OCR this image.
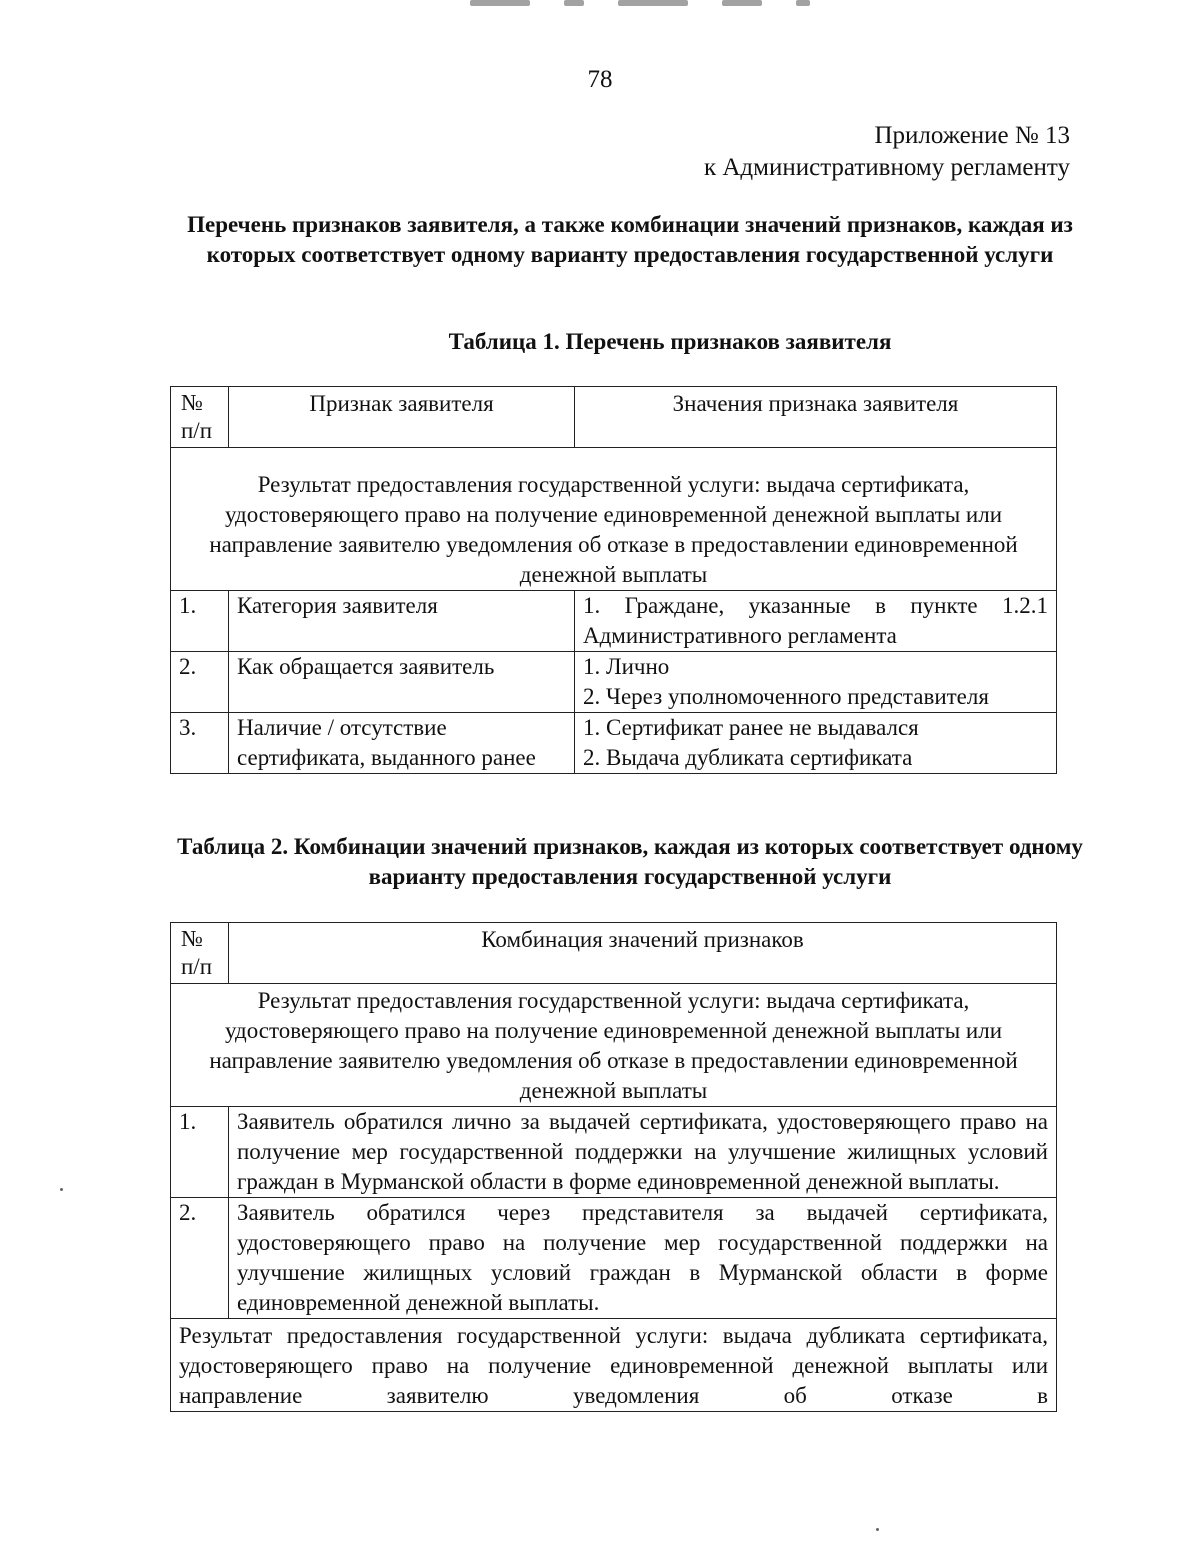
78
Приложение № 13
к Административному регламенту
Перечень признаков заявителя, а также комбинации значений признаков, каждая из которых соответствует одному варианту предоставления государственной услуги
Таблица 1. Перечень признаков заявителя
№ п/п	Признак заявителя	Значения признака заявителя
Результат предоставления государственной услуги: выдача сертификата, удостоверяющего право на получение единовременной денежной выплаты или направление заявителю уведомления об отказе в предоставлении единовременной денежной выплаты		
1.	Категория заявителя	1. Граждане, указанные в пункте 1.2.1 Административного регламента
2.	Как обращается заявитель	1. Лично
2. Через уполномоченного представителя

3.	Наличие / отсутствие сертификата, выданного ранее	1. Сертификат ранее не выдавался
2. Выдача дубликата сертификата
Таблица 2. Комбинации значений признаков, каждая из которых соответствует одному варианту предоставления государственной услуги
№ п/п	Комбинация значений признаков
Результат предоставления государственной услуги: выдача сертификата, удостоверяющего право на получение единовременной денежной выплаты или направление заявителю уведомления об отказе в предоставлении единовременной денежной выплаты	
1.	Заявитель обратился лично за выдачей сертификата, удостоверяющего право на получение мер государственной поддержки на улучшение жилищных условий граждан в Мурманской области в форме единовременной денежной выплаты.
2.	Заявитель обратился через представителя за выдачей сертификата, удостоверяющего право на получение мер государственной поддержки на улучшение жилищных условий граждан в Мурманской области в форме единовременной денежной выплаты.
Результат предоставления государственной услуги: выдача дубликата сертификата, удостоверяющего право на получение единовременной денежной выплаты или направление заявителю уведомления об отказе в	
